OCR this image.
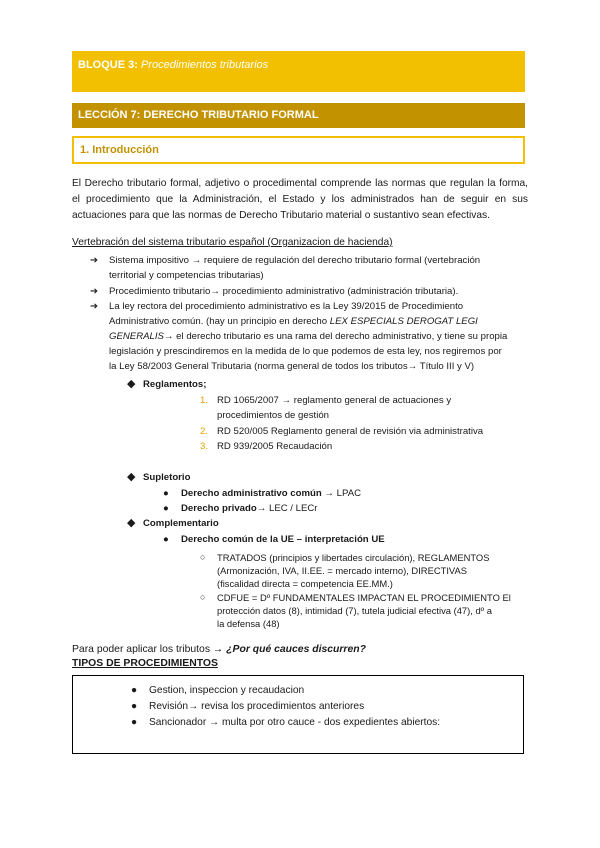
BLOQUE 3: Procedimientos tributarios
LECCIÓN 7: DERECHO TRIBUTARIO FORMAL
1. Introducción
El Derecho tributario formal, adjetivo o procedimental comprende las normas que regulan la forma, el procedimiento que la Administración, el Estado y los administrados han de seguir en sus actuaciones para que las normas de Derecho Tributario material o sustantivo sean efectivas.
Vertebración del sistema tributario español (Organizacion de hacienda)
➔ Sistema impositivo → requiere de regulación del derecho tributario formal (vertebración
territorial y competencias tributarias)
➔ Procedimiento tributario→ procedimiento administrativo (administración tributaria).
➔ La ley rectora del procedimiento administrativo es la Ley 39/2015 de Procedimiento
Administrativo común. (hay un principio en derecho LEX ESPECIALS DEROGAT LEGI
GENERALIS→ el derecho tributario es una rama del derecho administrativo, y tiene su propia
legislación y prescindiremos en la medida de lo que podemos de esta ley, nos regiremos por
la Ley 58/2003 General Tributaria (norma general de todos los tributos→ Título III y V)
◆ Reglamentos;
1. RD 1065/2007 → reglamento general de actuaciones y
procedimientos de gestión
2. RD 520/005 Reglamento general de revisión via administrativa
3. RD 939/2005 Recaudación
◆ Supletorio
● Derecho administrativo común → LPAC
● Derecho privado→ LEC / LECr
◆ Complementario
● Derecho común de la UE – interpretación UE
○ TRATADOS (principios y libertades circulación), REGLAMENTOS
(Armonización, IVA, II.EE. = mercado interno), DIRECTIVAS
(fiscalidad directa = competencia EE.MM.)
○ CDFUE = Dº FUNDAMENTALES IMPACTAN EL PROCEDIMIENTO El
protección datos (8), intimidad (7), tutela judicial efectiva (47), dº a
la defensa (48)
Para poder aplicar los tributos → ¿Por qué cauces discurren?
TIPOS DE PROCEDIMIENTOS
● Gestion, inspeccion y recaudacion
● Revisión→ revisa los procedimientos anteriores
● Sancionador → multa por otro cauce - dos expedientes abiertos:
